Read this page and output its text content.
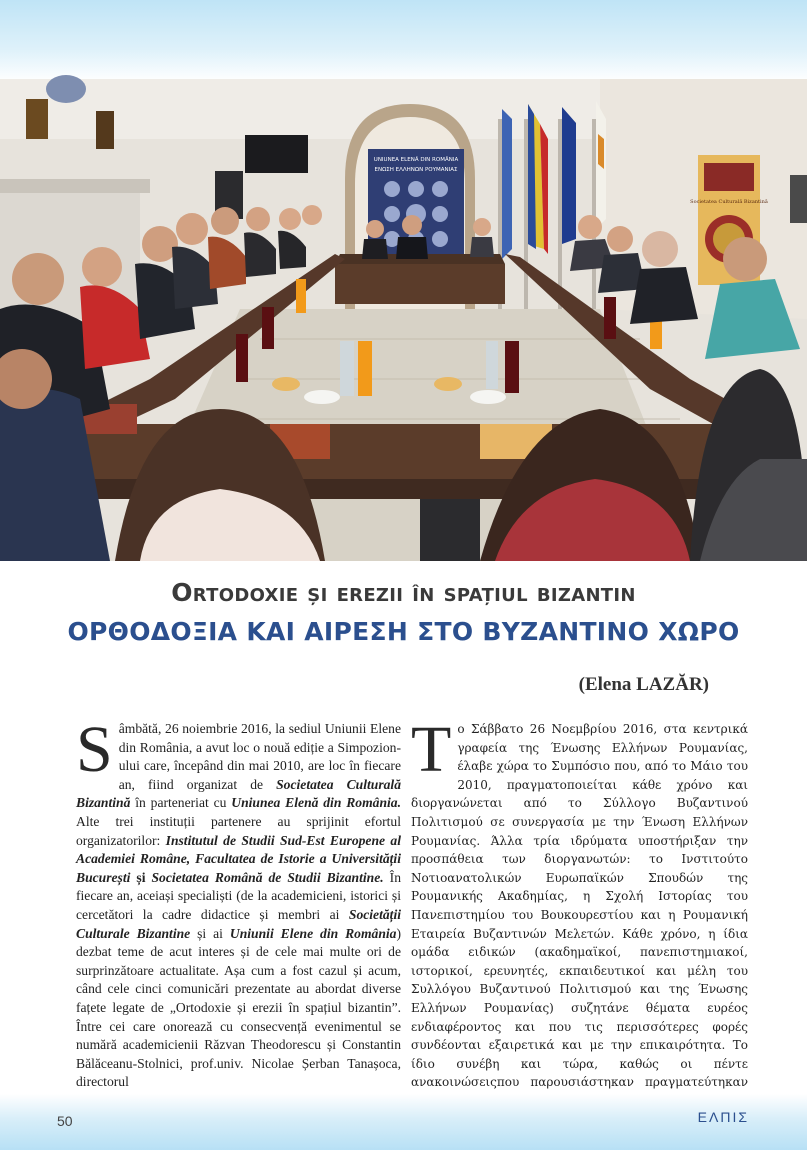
UNIUNEA ELENĂ DIN ROMÂNIA
ΕΝΩΣΗ ΕΛΛΗΝΩΝ ΡΟΥΜΑΝΙΑΣ
Societatea Culturală Bizantină
Ortodoxie și erezii în spațiul bizantin
ΟΡΘΟΔΟΞΙΑ ΚΑΙ ΑΙΡΕΣΗ ΣΤΟ ΒΥΖΑΝΤΙΝΟ ΧΩΡΟ
(Elena LAZĂR)
Sâmbătă, 26 noiembrie 2016, la sediul Uniunii Elene din România, a avut loc o nouă ediție a Simpozion-ului care, începând din mai 2010, are loc în fiecare an, fiind organizat de Societatea Culturală Bizantină în parteneriat cu Uniunea Elenă din România. Alte trei instituții partenere au sprijinit efortul organizatorilor: Institutul de Studii Sud-Est Europene al Academiei Române, Facultatea de Istorie a Universității București și Societatea Română de Studii Bizantine. În fiecare an, aceiași specialiști (de la academicieni, istorici și cercetători la cadre didactice și membri ai Societății Culturale Bizantine și ai Uniunii Elene din România) dezbat teme de acut interes și de cele mai multe ori de surprinzătoare actualitate. Așa cum a fost cazul și acum, când cele cinci comunicări prezentate au abordat diverse fațete legate de „Ortodoxie și erezii în spațiul bizantin”. Între cei care onorează cu consecvență evenimentul se numără academicienii Răzvan Theodorescu și Constantin Bălăceanu-Stolnici, prof.univ. Nicolae Șerban Tanașoca, directorul
Το Σάββατο 26 Νοεμβρίου 2016, στα κεντρικά γραφεία της Ένωσης Ελλήνων Ρουμανίας, έλαβε χώρα το Συμπόσιο που, από το Μάιο του 2010, πραγματοποιείται κάθε χρόνο και διοργανώνεται από το Σύλλογο Βυζαντινού Πολιτισμού σε συνεργασία με την Ένωση Ελλήνων Ρουμανίας. Άλλα τρία ιδρύματα υποστήριξαν την προσπάθεια των διοργανωτών: το Ινστιτούτο Νοτιοανατολικών Ευρωπαϊκών Σπουδών της Ρουμανικής Ακαδημίας, η Σχολή Ιστορίας του Πανεπιστημίου του Βουκουρεστίου και η Ρουμανική Εταιρεία Βυζαντινών Μελετών. Κάθε χρόνο, η ίδια ομάδα ειδικών (ακαδημαϊκοί, πανεπιστημιακοί, ιστορικοί, ερευνητές, εκπαιδευτικοί και μέλη του Συλλόγου Βυζαντινού Πολιτισμού και της Ένωσης Ελλήνων Ρουμανίας) συζητάνε θέματα ευρέος ενδιαφέροντος και που τις περισσότερες φορές συνδέονται εξαιρετικά και με την επικαιρότητα. Το ίδιο συνέβη και τώρα, καθώς οι πέντε ανακοινώσειςπου παρουσιάστηκαν πραγματεύτηκαν
50	ΕΛΠΙΣ
